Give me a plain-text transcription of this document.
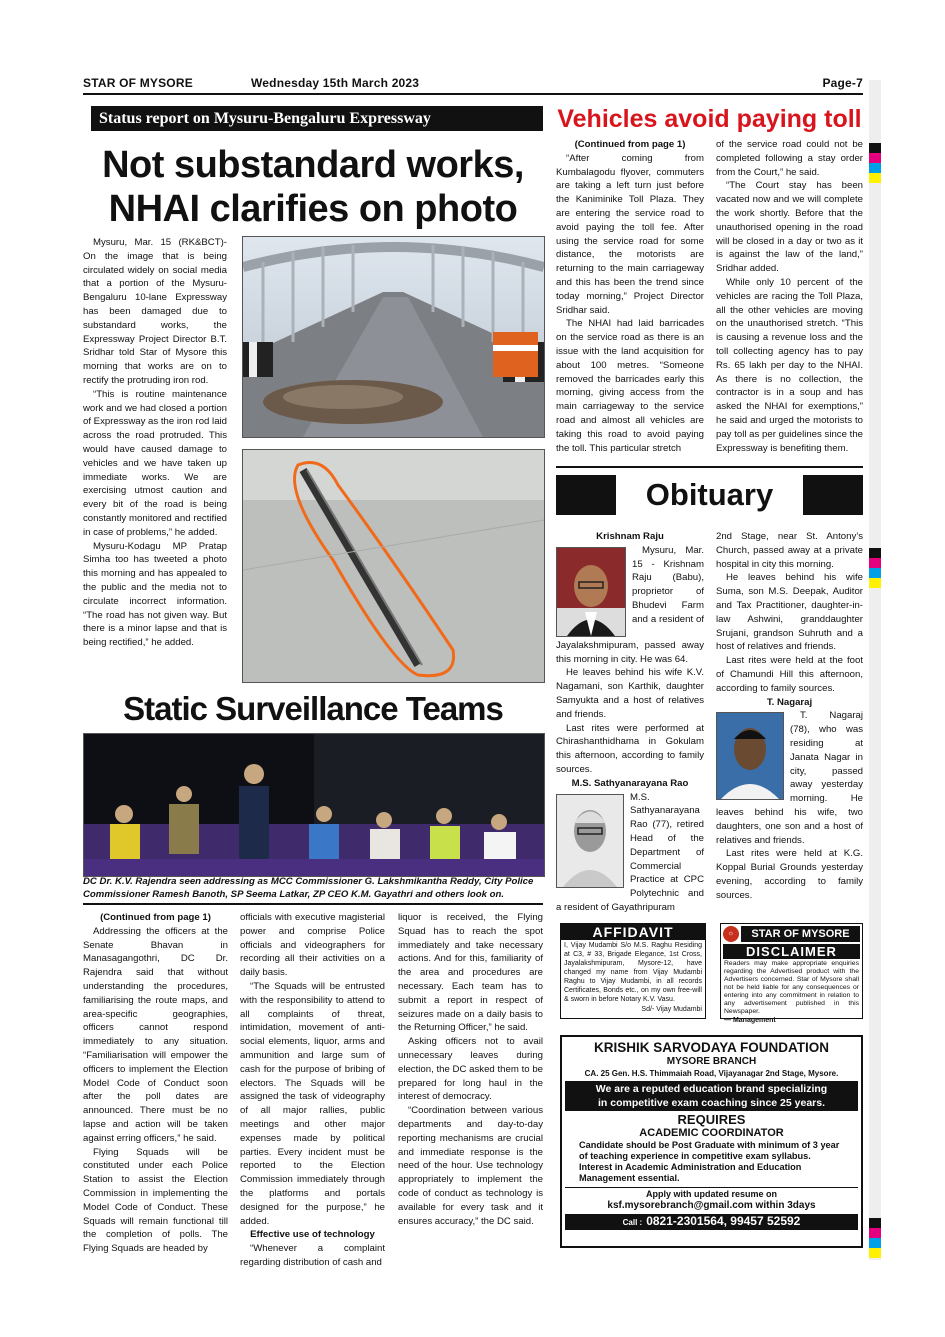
STAR OF MYSORE	Wednesday 15th March 2023	Page-7
Status report on Mysuru-Bengaluru Expressway
Not substandard works,
NHAI clarifies on photo

Mysuru, Mar. 15 (RK&BCT)- On the image that is being circulated widely on social media that a portion of the Mysuru-Bengaluru 10-lane Expressway has been damaged due to substandard works, the Expressway Project Director B.T. Sridhar told Star of Mysore this morning that works are on to rectify the protruding iron rod.

“This is routine maintenance work and we had closed a portion of Expressway as the iron rod laid across the road protruded. This would have caused damage to vehicles and we have taken up immediate works. We are exercising utmost caution and every bit of the road is being constantly monitored and rectified in case of problems,” he added.

Mysuru-Kodagu MP Pratap Simha too has tweeted a photo this morning and has appealed to the public and the media not to circulate incorrect information. “The road has not given way. But there is a minor lapse and that is being rectified,” he added.

Vehicles avoid paying toll

(Continued from page 1)

“After coming from Kumbalagodu flyover, commuters are taking a left turn just before the Kaniminike Toll Plaza. They are entering the service road to avoid paying the toll fee. After using the service road for some distance, the motorists are returning to the main carriageway and this has been the trend since today morning,” Project Director Sridhar said.

The NHAI had laid barricades on the service road as there is an issue with the land acquisition for about 100 metres. “Someone removed the barricades early this morning, giving access from the main carriageway to the service road and almost all vehicles are taking this road to avoid paying the toll. This particular stretch

of the service road could not be completed following a stay order from the Court,” he said.

“The Court stay has been vacated now and we will complete the work shortly. Before that the unauthorised opening in the road will be closed in a day or two as it is against the law of the land,” Sridhar added.

While only 10 percent of the vehicles are racing the Toll Plaza, all the other vehicles are moving on the unauthorised stretch. “This is causing a revenue loss and the toll collecting agency has to pay Rs. 65 lakh per day to the NHAI. As there is no collection, the contractor is in a soup and has asked the NHAI for exemptions,” he said and urged the motorists to pay toll as per guidelines since the Expressway is benefiting them.

Obituary

Krishnam Raju

Mysuru, Mar. 15 - Krishnam Raju (Babu), proprietor of Bhudevi Farm and a resident of Jayalakshmipuram, passed away this morning in city. He was 64.

He leaves behind his wife K.V. Nagamani, son Karthik, daughter Samyukta and a host of relatives and friends.

Last rites were performed at Chirashanthidhama in Gokulam this afternoon, according to family sources.

M.S. Sathyanarayana Rao

M.S. Sathyanarayana Rao (77), retired Head of the Department of Commercial Practice at CPC Polytechnic and a resident of Gayathripuram

2nd Stage, near St. Antony’s Church, passed away at a private hospital in city this morning.

He leaves behind his wife Suma, son M.S. Deepak, Auditor and Tax Practitioner, daughter-in-law Ashwini, granddaughter Srujani, grandson Suhruth and a host of relatives and friends.

Last rites were held at the foot of Chamundi Hill this afternoon, according to family sources.

T. Nagaraj

T. Nagaraj (78), who was residing at Janata Nagar in city, passed away yesterday morning. He leaves behind his wife, two daughters, one son and a host of relatives and friends.

Last rites were held at K.G. Koppal Burial Grounds yesterday evening, according to family sources.

Static Surveillance Teams
DC Dr. K.V. Rajendra seen addressing as MCC Commissioner G. Lakshmikantha Reddy, City Police Commissioner Ramesh Banoth, SP Seema Latkar, ZP CEO K.M. Gayathri and others look on.

(Continued from page 1)

Addressing the officers at the Senate Bhavan in Manasagangothri, DC Dr. Rajendra said that without understanding the procedures, familiarising the route maps, and area-specific geographies, officers cannot respond immediately to any situation. “Familiarisation will empower the officers to implement the Election Model Code of Conduct soon after the poll dates are announced. There must be no lapse and action will be taken against erring officers,” he said.

Flying Squads will be constituted under each Police Station to assist the Election Commission in implementing the Model Code of Conduct. These Squads will remain functional till the completion of polls. The Flying Squads are headed by

officials with executive magisterial power and comprise Police officials and videographers for recording all their activities on a daily basis.

“The Squads will be entrusted with the responsibility to attend to all complaints of threat, intimidation, movement of anti-social elements, liquor, arms and ammunition and large sum of cash for the purpose of bribing of electors. The Squads will be assigned the task of videography of all major rallies, public meetings and other major expenses made by political parties. Every incident must be reported to the Election Commission immediately through the platforms and portals designed for the purpose,” he added.

Effective use of technology

“Whenever a complaint regarding distribution of cash and

liquor is received, the Flying Squad has to reach the spot immediately and take necessary actions. And for this, familiarity of the area and procedures are necessary. Each team has to submit a report in respect of seizures made on a daily basis to the Returning Officer,” he said.

Asking officers not to avail unnecessary leaves during election, the DC asked them to be prepared for long haul in the interest of democracy.

“Coordination between various departments and day-to-day reporting mechanisms are crucial and immediate response is the need of the hour. Use technology appropriately to implement the code of conduct as technology is available for every task and it ensures accuracy,” the DC said.

AFFIDAVIT
I, Vijay Mudambi S/o M.S. Raghu Residing at C3, # 33, Brigade Elegance, 1st Cross, Jayalakshmipuram, Mysore-12, have changed my name from Vijay Mudambi Raghu to Vijay Mudambi, in all records Certificates, Bonds etc., on my own free-will & sworn in before Notary K.V. Vasu.
Sd/- Vijay Mudambi
☼	STAR OF MYSORE
DISCLAIMER
Readers may make appropriate enquiries regarding the Advertised product with the Advertisers concerned. Star of Mysore shall not be held liable for any consequences or entering into any commitment in relation to any advertisement published in this Newspaper.
— Management
KRISHIK SARVODAYA FOUNDATION
MYSORE BRANCH
CA. 25 Gen. H.S. Thimmaiah Road, Vijayanagar 2nd Stage, Mysore.
We are a reputed education brand specializing
in competitive exam coaching since 25 years.
REQUIRES
ACADEMIC COORDINATOR
Candidate should be Post Graduate with minimum of 3 year of teaching experience in competitive exam syllabus. Interest in Academic Administration and Education Management essential.
Apply with updated resume on
ksf.mysorebranch@gmail.com within 3days
Call : 0821-2301564, 99457 52592
